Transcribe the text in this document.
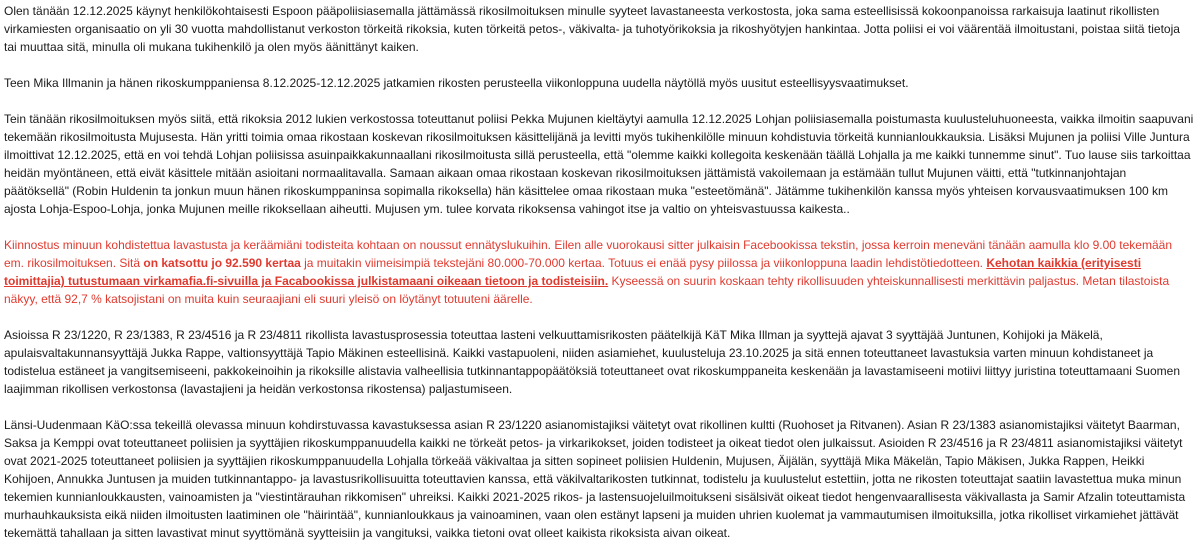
Olen tänään 12.12.2025 käynyt henkilökohtaisesti Espoon pääpoliisiasemalla jättämässä rikosilmoituksen minulle syyteet lavastaneesta verkostosta, joka sama esteellisissä kokoonpanoissa rarkaisuja laatinut rikollisten virkamiesten organisaatio on yli 30 vuotta mahdollistanut verkoston törkeitä rikoksia, kuten törkeitä petos-, väkivalta- ja tuhotyörikoksia ja rikoshyötyjen hankintaa. Jotta poliisi ei voi väärentää ilmoitustani, poistaa siitä tietoja tai muuttaa sitä, minulla oli mukana tukihenkilö ja olen myös äänittänyt kaiken.

Teen Mika Illmanin ja hänen rikoskumppaniensa 8.12.2025-12.12.2025 jatkamien rikosten perusteella viikonloppuna uudella näytöllä myös uusitut esteellisyysvaatimukset.

Tein tänään rikosilmoituksen myös siitä, että rikoksia 2012 lukien verkostossa toteuttanut poliisi Pekka Mujunen kieltäytyi aamulla 12.12.2025 Lohjan poliisiasemalla poistumasta kuulusteluhuoneesta, vaikka ilmoitin saapuvani tekemään rikosilmoitusta Mujusesta. Hän yritti toimia omaa rikostaan koskevan rikosilmoituksen käsittelijänä ja levitti myös tukihenkilölle minuun kohdistuvia törkeitä kunnianloukkauksia. Lisäksi Mujunen ja poliisi Ville Juntura ilmoittivat 12.12.2025, että en voi tehdä Lohjan poliisissa asuinpaikkakunnaallani rikosilmoitusta sillä perusteella, että "olemme kaikki kollegoita keskenään täällä Lohjalla ja me kaikki tunnemme sinut". Tuo lause siis tarkoittaa heidän myöntäneen, että eivät käsittele mitään asioitani normaalitavalla. Samaan aikaan omaa rikostaan koskevan rikosilmoituksen jättämistä vakoilemaan ja estämään tullut Mujunen väitti, että "tutkinnanjohtajan päätöksellä" (Robin Huldenin ta jonkun muun hänen rikoskumppaninsa sopimalla rikoksella) hän käsittelee omaa rikostaan muka "esteetömänä". Jätämme tukihenkilön kanssa myös yhteisen korvausvaatimuksen 100 km ajosta Lohja-Espoo-Lohja, jonka Mujunen meille rikoksellaan aiheutti. Mujusen ym. tulee korvata rikoksensa vahingot itse ja valtio on yhteisvastuussa kaikesta..

Kiinnostus minuun kohdistettua lavastusta ja keräämiäni todisteita kohtaan on noussut ennätyslukuihin. Eilen alle vuorokausi sitter julkaisin Facebookissa tekstin, jossa kerroin meneväni tänään aamulla klo 9.00 tekemään em. rikosilmoituksen. Sitä on katsottu jo 92.590 kertaa ja muitakin viimeisimpiä tekstejäni 80.000-70.000 kertaa. Totuus ei enää pysy piilossa ja viikonloppuna laadin lehdistötiedotteen. Kehotan kaikkia (erityisesti toimittajia) tutustumaan virkamafia.fi-sivuilla ja Facabookissa julkistamaani oikeaan tietoon ja todisteisiin. Kyseessä on suurin koskaan tehty rikollisuuden yhteiskunnallisesti merkittävin paljastus. Metan tilastoista näkyy, että 92,7 % katsojistani on muita kuin seuraajiani eli suuri yleisö on löytänyt totuuteni äärelle.

Asioissa R 23/1220, R 23/1383, R 23/4516 ja R 23/4811 rikollista lavastusprosessia toteuttaa lasteni velkuuttamisrikosten päätelkijä KäT Mika Illman ja syyttejä ajavat 3 syyttäjää Juntunen, Kohijoki ja Mäkelä, apulaisvaltakunnansyyttäjä Jukka Rappe, valtionsyyttäjä Tapio Mäkinen esteellisinä. Kaikki vastapuoleni, niiden asiamiehet, kuulusteluja 23.10.2025 ja sitä ennen toteuttaneet lavastuksia varten minuun kohdistaneet ja todistelua estäneet ja vangitsemiseeni, pakkokeinoihin ja rikoksille alistavia valheellisia tutkinnantappopäätöksiä toteuttaneet ovat rikoskumppaneita keskenään ja lavastamiseeni motiivi liittyy juristina toteuttamaani Suomen laajimman rikollisen verkostonsa (lavastajieni ja heidän verkostonsa rikostensa) paljastumiseen.

Länsi-Uudenmaan KäO:ssa tekeillä olevassa minuun kohdirstuvassa kavastuksessa asian R 23/1220 asianomistajiksi väitetyt ovat rikollinen kultti (Ruohoset ja Ritvanen). Asian R 23/1383 asianomistajiksi väitetyt Baarman, Saksa ja Kemppi ovat toteuttaneet poliisien ja syyttäjien rikoskumppanuudella kaikki ne törkeät petos- ja virkarikokset, joiden todisteet ja oikeat tiedot olen julkaissut. Asioiden R 23/4516 ja R 23/4811 asianomistajiksi väitetyt ovat 2021-2025 toteuttaneet poliisien ja syyttäjien rikoskumppanuudella Lohjalla törkeää väkivaltaa ja sitten sopineet poliisien Huldenin, Mujusen, Äijälän, syyttäjä Mika Mäkelän, Tapio Mäkisen, Jukka Rappen, Heikki Kohijoen, Annukka Juntusen ja muiden tutkinnantappo- ja lavastusrikollisuuitta toteuttavien kanssa, että väkilvaltarikosten tutkinnat, todistelu ja kuulustelut estettiin, jotta ne rikosten toteuttajat saatiin lavastettua muka minun tekemien kunnianloukkausten, vainoamisten ja "viestintärauhan rikkomisen" uhreiksi. Kaikki 2021-2025 rikos- ja lastensuojeluilmoitukseni sisälsivät oikeat tiedot hengenvaarallisesta väkivallasta ja Samir Afzalin toteuttamista murhauhkauksista eikä niiden ilmoitusten laatiminen ole "häirintää", kunnianloukkaus ja vainoaminen, vaan olen estänyt lapseni ja muiden uhrien kuolemat ja vammautumisen ilmoituksilla, jotka rikolliset virkamiehet jättävät tekemättä tahallaan ja sitten lavastivat minut syyttömänä syytteisiin ja vangituksi, vaikka tietoni ovat olleet kaikista rikoksista aivan oikeat.
